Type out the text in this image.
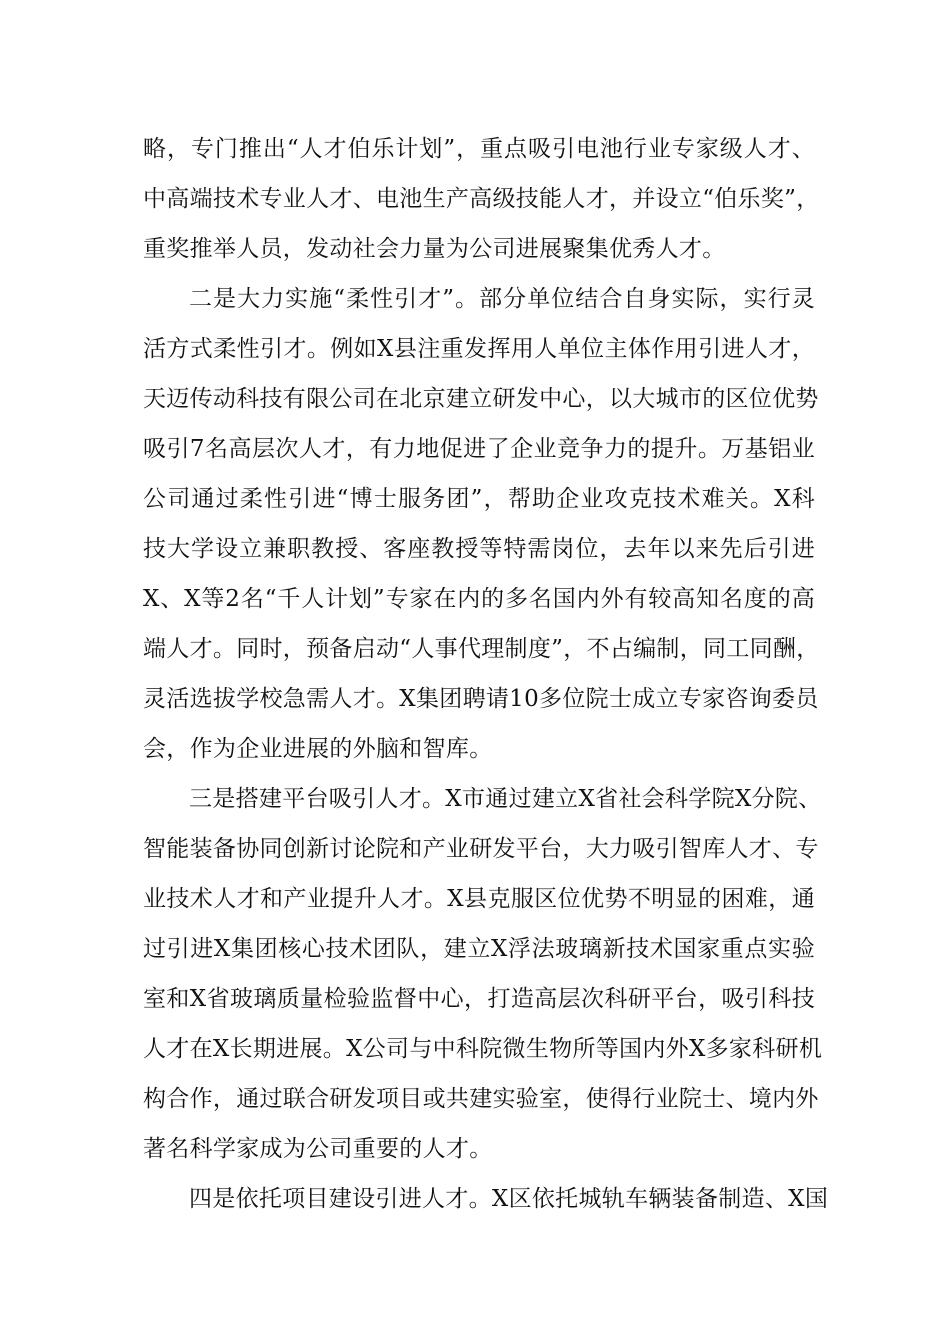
略，专门推出“人才伯乐计划”，重点吸引电池行业专家级人才、
中高端技术专业人才、电池生产高级技能人才，并设立“伯乐奖”，
重奖推举人员，发动社会力量为公司进展聚集优秀人才。
二是大力实施“柔性引才”。部分单位结合自身实际，实行灵
活方式柔性引才。例如X县注重发挥用人单位主体作用引进人才，
天迈传动科技有限公司在北京建立研发中心，以大城市的区位优势
吸引7名高层次人才，有力地促进了企业竞争力的提升。万基铝业
公司通过柔性引进“博士服务团”，帮助企业攻克技术难关。X科
技大学设立兼职教授、客座教授等特需岗位，去年以来先后引进
X、X等2名“千人计划”专家在内的多名国内外有较高知名度的高
端人才。同时，预备启动“人事代理制度”，不占编制，同工同酬，
灵活选拔学校急需人才。X集团聘请10多位院士成立专家咨询委员
会，作为企业进展的外脑和智库。
三是搭建平台吸引人才。X市通过建立X省社会科学院X分院、
智能装备协同创新讨论院和产业研发平台，大力吸引智库人才、专
业技术人才和产业提升人才。X县克服区位优势不明显的困难，通
过引进X集团核心技术团队，建立X浮法玻璃新技术国家重点实验
室和X省玻璃质量检验监督中心，打造高层次科研平台，吸引科技
人才在X长期进展。X公司与中科院微生物所等国内外X多家科研机
构合作，通过联合研发项目或共建实验室，使得行业院士、境内外
著名科学家成为公司重要的人才。
四是依托项目建设引进人才。X区依托城轨车辆装备制造、X国
